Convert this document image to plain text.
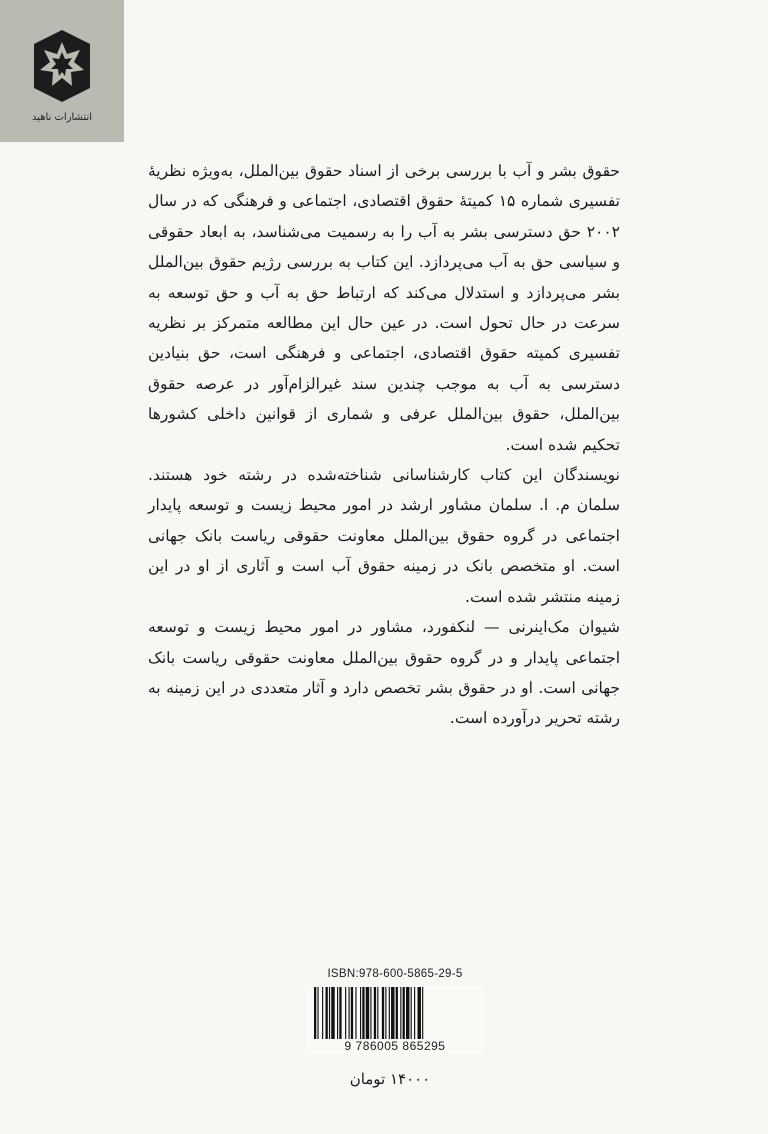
انتشارات ناهید

حقوق بشر و آب با بررسی برخی از اسناد حقوق بین‌الملل، به‌ویژه نظریهٔ تفسیری شماره ۱۵ کمیتهٔ حقوق اقتصادی، اجتماعی و فرهنگی که در سال ۲۰۰۲ حق دسترسی بشر به آب را به رسمیت می‌شناسد، به ابعاد حقوقی و سیاسی حق به آب می‌پردازد. این کتاب به بررسی رژیم حقوق بین‌الملل بشر می‌پردازد و استدلال می‌کند که ارتباط حق به آب و حق توسعه به سرعت در حال تحول است. در عین حال این مطالعه متمرکز بر نظریه تفسیری کمیته حقوق اقتصادی، اجتماعی و فرهنگی است، حق بنیادین دسترسی به آب به موجب چندین سند غیرالزام‌آور در عرصه حقوق بین‌الملل، حقوق بین‌الملل عرفی و شماری از قوانین داخلی کشورها تحکیم شده است.

نویسندگان این کتاب کارشناسانی شناخته‌شده در رشته خود هستند. سلمان م. ا. سلمان مشاور ارشد در امور محیط زیست و توسعه پایدار اجتماعی در گروه حقوق بین‌الملل معاونت حقوقی ریاست بانک جهانی است. او متخصص بانک در زمینه حقوق آب است و آثاری از او در این زمینه منتشر شده است.

شیوان مک‌اینرنی — لنکفورد، مشاور در امور محیط زیست و توسعه اجتماعی پایدار و در گروه حقوق بین‌الملل معاونت حقوقی ریاست بانک جهانی است. او در حقوق بشر تخصص دارد و آثار متعددی در این زمینه به رشته تحریر درآورده است.

ISBN:978-600-5865-29-5
9 786005 865295
۱۴۰۰۰ تومان
